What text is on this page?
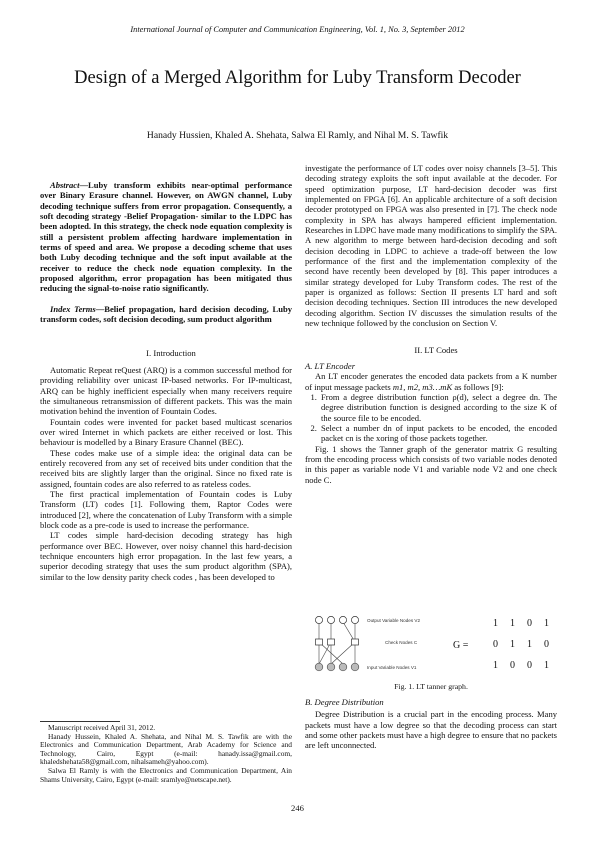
International Journal of Computer and Communication Engineering, Vol. 1, No. 3, September 2012
Design of a Merged Algorithm for Luby Transform Decoder
Hanady Hussien, Khaled A. Shehata, Salwa El Ramly, and Nihal M. S. Tawfik

Abstract—Luby transform exhibits near-optimal performance over Binary Erasure channel. However, on AWGN channel, Luby decoding technique suffers from error propagation. Consequently, a soft decoding strategy -Belief Propagation- similar to the LDPC has been adopted. In this strategy, the check node equation complexity is still a persistent problem affecting hardware implementation in terms of speed and area. We propose a decoding scheme that uses both Luby decoding technique and the soft input available at the receiver to reduce the check node equation complexity. In the proposed algorithm, error propagation has been mitigated thus reducing the signal-to-noise ratio significantly.

Index Terms—Belief propagation, hard decision decoding, Luby transform codes, soft decision decoding, sum product algorithm

I. Introduction

Automatic Repeat reQuest (ARQ) is a common successful method for providing reliability over unicast IP-based networks. For IP-multicast, ARQ can be highly inefficient especially when many receivers require the simultaneous retransmission of different packets. This was the main motivation behind the invention of Fountain Codes.

Fountain codes were invented for packet based multicast scenarios over wired Internet in which packets are either received or lost. This behaviour is modelled by a Binary Erasure Channel (BEC).

These codes make use of a simple idea: the original data can be entirely recovered from any set of received bits under condition that the received bits are slightly larger than the original. Since no fixed rate is assigned, fountain codes are also referred to as rateless codes.

The first practical implementation of Fountain codes is Luby Transform (LT) codes [1]. Following them, Raptor Codes were introduced [2], where the concatenation of Luby Transform with a simple block code as a pre-code is used to increase the performance.

LT codes simple hard-decision decoding strategy has high performance over BEC. However, over noisy channel this hard-decision technique encounters high error propagation. In the last few years, a superior decoding strategy that uses the sum product algorithm (SPA), similar to the low density parity check codes , has been developed to

Manuscript received April 31, 2012.

Hanady Hussein, Khaled A. Shehata, and Nihal M. S. Tawfik are with the Electronics and Communication Department, Arab Academy for Science and Technology, Cairo, Egypt (e-mail: hanady.issa@gmail.com, khaledshehata58@gmail.com, nihalsameh@yahoo.com).

Salwa El Ramly is with the Electronics and Communication Department, Ain Shams University, Cairo, Egypt (e-mail: sramlye@netscape.net).

investigate the performance of LT codes over noisy channels [3–5]. This decoding strategy exploits the soft input available at the decoder. For speed optimization purpose, LT hard-decision decoder was first implemented on FPGA [6]. An applicable architecture of a soft decision decoder prototyped on FPGA was also presented in [7]. The check node complexity in SPA has always hampered efficient implementation. Researches in LDPC have made many modifications to simplify the SPA. A new algorithm to merge between hard-decision decoding and soft decision decoding in LDPC to achieve a trade-off between the low performance of the first and the implementation complexity of the second have recently been developed by [8]. This paper introduces a similar strategy developed for Luby Transform codes. The rest of the paper is organized as follows: Section II presents LT hard and soft decision decoding techniques. Section III introduces the new developed decoding algorithm. Section IV discusses the simulation results of the new technique followed by the conclusion on Section V.

II. LT Codes

A. LT Encoder

An LT encoder generates the encoded data packets from a K number of input message packets m1, m2, m3…mK as follows [9]:

1. From a degree distribution function ρ(d), select a degree dn. The degree distribution function is designed according to the size K of the source file to be encoded.
2. Select a number dn of input packets to be encoded, the encoded packet cn is the xoring of those packets together.

Fig. 1 shows the Tanner graph of the generator matrix G resulting from the encoding process which consists of two variable nodes denoted in this paper as variable node V1 and variable node V2 and one check node C.

Output Variable Nodes V2
Check Nodes C
Input Variable Nodes V1
G =
1 1 0 1
0 1 1 0
1 0 0 1
Fig. 1. LT tanner graph.

B. Degree Distribution

Degree Distribution is a crucial part in the encoding process. Many packets must have a low degree so that the decoding process can start and some other packets must have a high degree to ensure that no packets are left unconnected.

246
